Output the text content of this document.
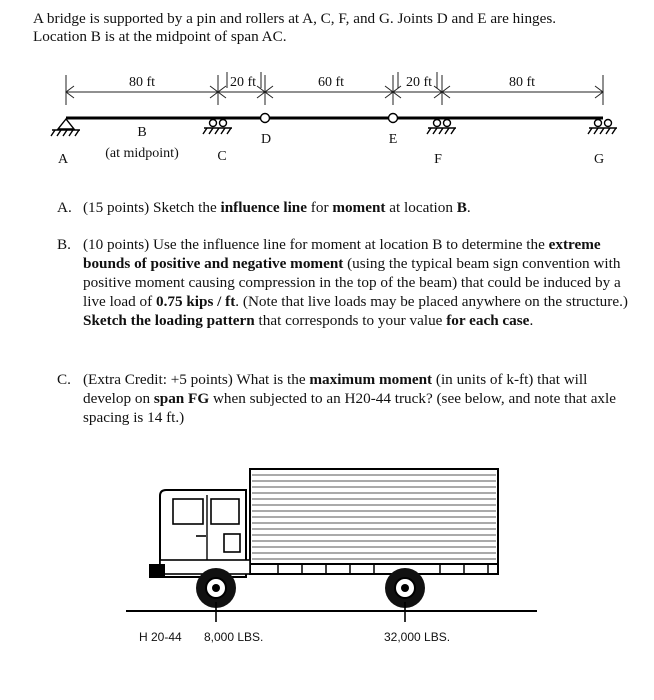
A bridge is supported by a pin and rollers at A, C, F, and G. Joints D and E are hinges.
Location B is at the midpoint of span AC.
80 ft	20 ft	60 ft	20 ft	80 ft
A
B
(at midpoint)	C
D	E
F	G
A. (15 points) Sketch the influence line for moment at location B.
B. (10 points) Use the influence line for moment at location B to determine the extreme bounds of positive and negative moment (using the typical beam sign convention with positive moment causing compression in the top of the beam) that could be induced by a live load of 0.75 kips / ft. (Note that live loads may be placed anywhere on the structure.) Sketch the loading pattern that corresponds to your value for each case.
C. (Extra Credit: +5 points) What is the maximum moment (in units of k-ft) that will develop on span FG when subjected to an H20-44 truck? (see below, and note that axle spacing is 14 ft.)
H 20-44 8,000 LBS.	32,000 LBS.
